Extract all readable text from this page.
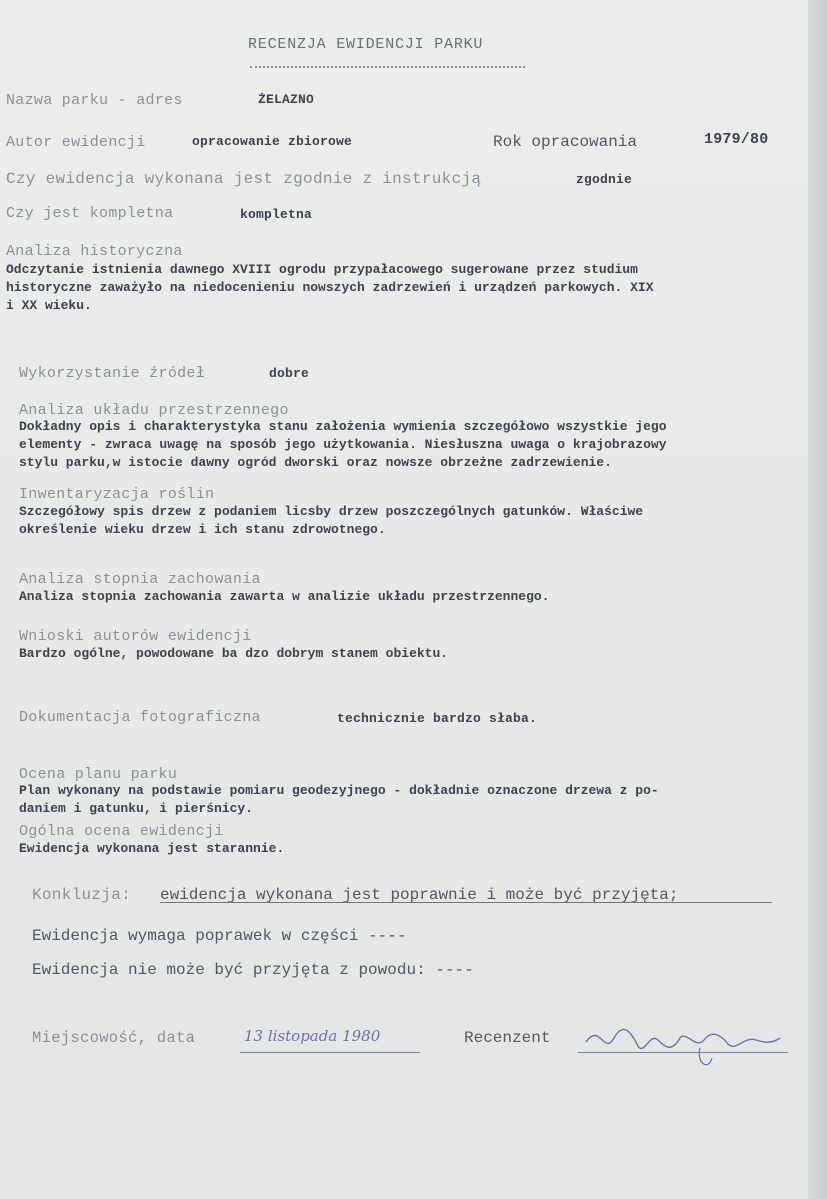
RECENZJA EWIDENCJI PARKU
Nazwa parku - adres	ŻELAZNO
Autor ewidencji	opracowanie zbiorowe	Rok opracowania	1979/80
Czy ewidencja wykonana jest zgodnie z instrukcją	zgodnie
Czy jest kompletna	kompletna
Analiza historyczna
Odczytanie istnienia dawnego XVIII ogrodu przypałacowego sugerowane przez studium
historyczne zaważyło na niedocenieniu nowszych zadrzewień i urządzeń parkowych. XIX
i XX wieku.
Wykorzystanie źródeł	dobre
Analiza układu przestrzennego
Dokładny opis i charakterystyka stanu założenia wymienia szczegółowo wszystkie jego
elementy - zwraca uwagę na sposób jego użytkowania. Niesłuszna uwaga o krajobrazowy
stylu parku,w istocie dawny ogród dworski oraz nowsze obrzeżne zadrzewienie.
Inwentaryzacja roślin
Szczegółowy spis drzew z podaniem licsby drzew poszczególnych gatunków. Właściwe
określenie wieku drzew i ich stanu zdrowotnego.
Analiza stopnia zachowania
Analiza stopnia zachowania zawarta w analizie układu przestrzennego.
Wnioski autorów ewidencji
Bardzo ogólne, powodowane ba dzo dobrym stanem obiektu.
Dokumentacja fotograficzna	technicznie bardzo słaba.
Ocena planu parku
Plan wykonany na podstawie pomiaru geodezyjnego - dokładnie oznaczone drzewa z po-
daniem i gatunku, i pierśnicy.
Ogólna ocena ewidencji
Ewidencja wykonana jest starannie.
Konkluzja: ewidencja wykonana jest poprawnie i może być przyjęta;
Ewidencja wymaga poprawek w części ----
Ewidencja nie może być przyjęta z powodu: ----
Miejscowość, data	13 listopada 1980	Recenzent
